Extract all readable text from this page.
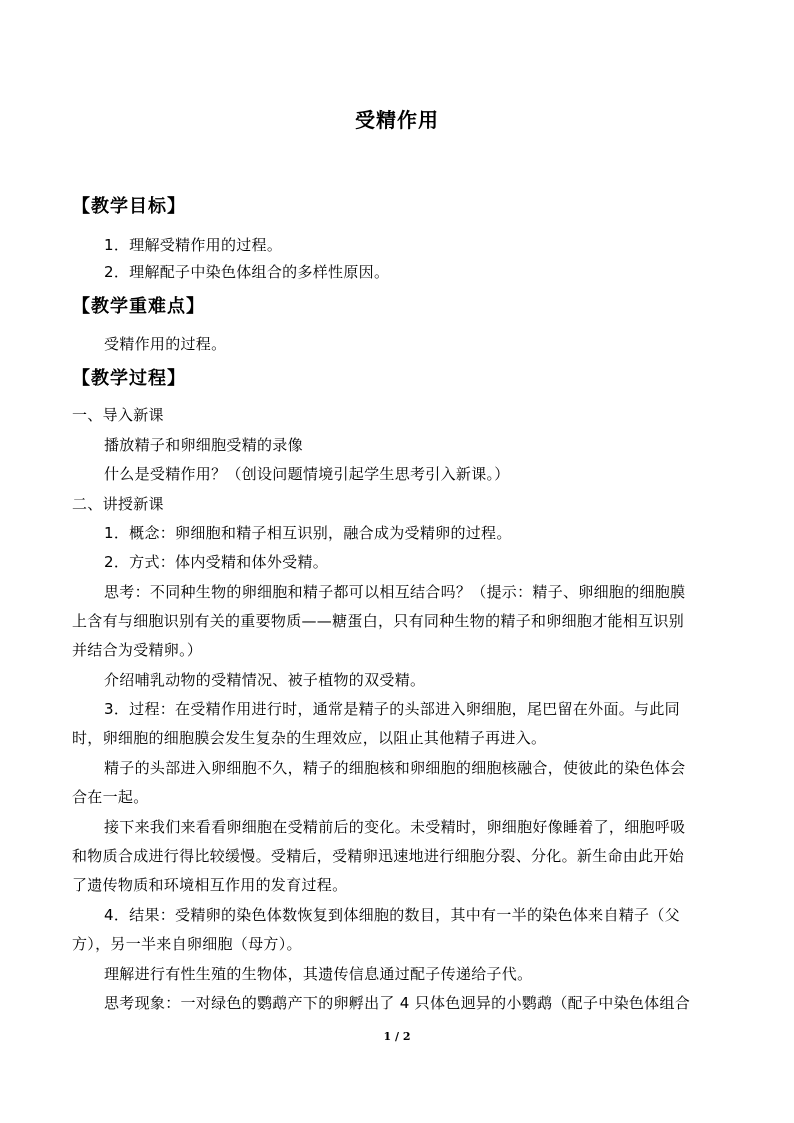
受精作用
【教学目标】
1．理解受精作用的过程。
2．理解配子中染色体组合的多样性原因。
【教学重难点】
受精作用的过程。
【教学过程】
一、导入新课
播放精子和卵细胞受精的录像
什么是受精作用？（创设问题情境引起学生思考引入新课。）
二、讲授新课
1．概念：卵细胞和精子相互识别，融合成为受精卵的过程。
2．方式：体内受精和体外受精。
思考：不同种生物的卵细胞和精子都可以相互结合吗？（提示：精子、卵细胞的细胞膜
上含有与细胞识别有关的重要物质——糖蛋白，只有同种生物的精子和卵细胞才能相互识别
并结合为受精卵。）
介绍哺乳动物的受精情况、被子植物的双受精。
3．过程：在受精作用进行时，通常是精子的头部进入卵细胞，尾巴留在外面。与此同
时，卵细胞的细胞膜会发生复杂的生理效应，以阻止其他精子再进入。
精子的头部进入卵细胞不久，精子的细胞核和卵细胞的细胞核融合，使彼此的染色体会
合在一起。
接下来我们来看看卵细胞在受精前后的变化。未受精时，卵细胞好像睡着了，细胞呼吸
和物质合成进行得比较缓慢。受精后，受精卵迅速地进行细胞分裂、分化。新生命由此开始
了遗传物质和环境相互作用的发育过程。
4．结果：受精卵的染色体数恢复到体细胞的数目，其中有一半的染色体来自精子（父
方），另一半来自卵细胞（母方）。
理解进行有性生殖的生物体，其遗传信息通过配子传递给子代。
思考现象：一对绿色的鹦鹉产下的卵孵出了 4 只体色迥异的小鹦鹉（配子中染色体组合
1 / 2
